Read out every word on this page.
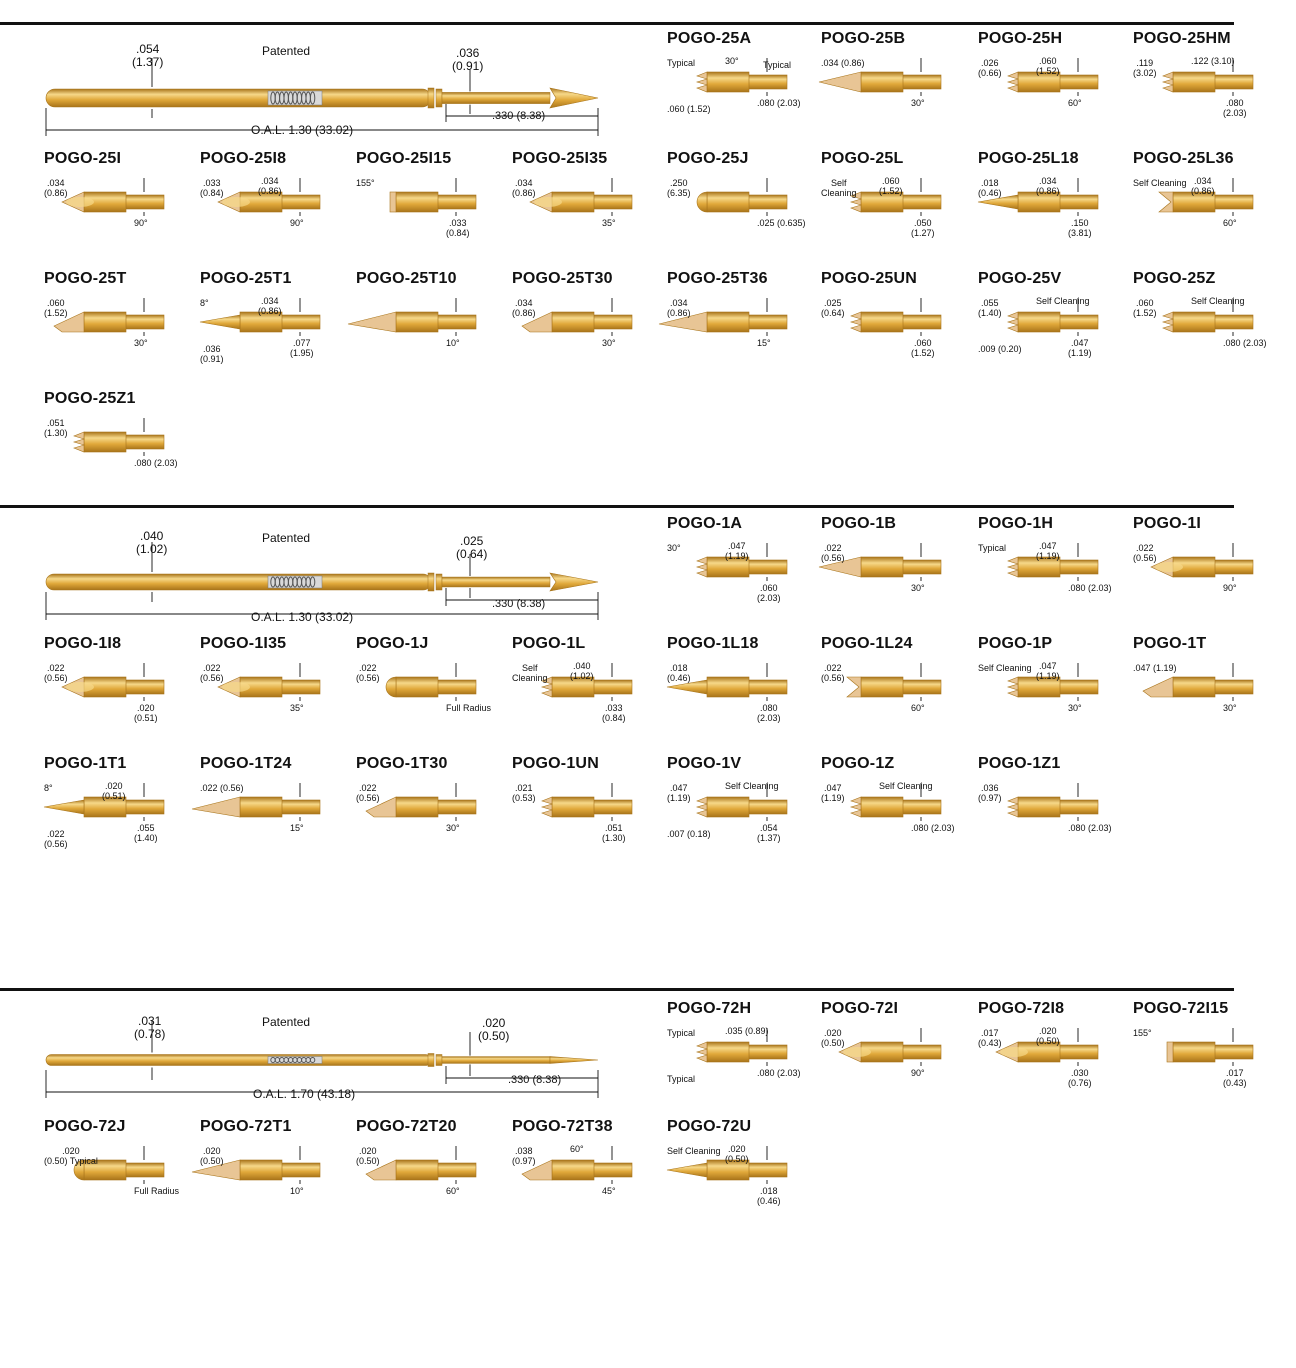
.054
(1.37)
Patented	.036
(0.91)
.330 (8.38)
O.A.L. 1.30 (33.02)
.040
(1.02)
Patented	.025
(0.64)
.330 (8.38)
O.A.L. 1.30 (33.02)
.031
(0.78)
Patented	.020
(0.50)
.330 (8.38)
O.A.L. 1.70 (43.18)
POGO-25A
.080 (2.03)
Typical	30°
.060 (1.52)
Typical
POGO-25B
30°
.034 (0.86)
POGO-25H
60°
.026
(0.66)
.060
(1.52)
POGO-25HM
.080
(2.03)
.119
(3.02)
.122 (3.10)
POGO-25I
90°
.034
(0.86)
POGO-25I8
90°
.033
(0.84)
.034
(0.86)
POGO-25I15
.033
(0.84)
155°
POGO-25I35
35°
.034
(0.86)
POGO-25J
.025 (0.635)
.250
(6.35)
POGO-25L
.050
(1.27)
Self
Cleaning
.060
(1.52)
POGO-25L18
.150
(3.81)
.018
(0.46)
.034
(0.86)
POGO-25L36
60°
Self Cleaning .034
(0.86)
POGO-25T
30°
.060
(1.52)
POGO-25T1
.077
(1.95)
8°	.034
(0.86)
.036
(0.91)
POGO-25T10
10°
POGO-25T30
30°
.034
(0.86)
POGO-25T36
15°
.034
(0.86)
POGO-25UN
.060
(1.52)
.025
(0.64)
POGO-25V
.047
(1.19)
.055
(1.40)
Self Cleaning
.009 (0.20)
POGO-25Z
.080 (2.03)
.060
(1.52)
Self Cleaning
POGO-25Z1
.080 (2.03)
.051
(1.30)
POGO-1A
.060
(2.03)
30°	.047
(1.19)
POGO-1B
30°
.022
(0.56)
POGO-1H
.080 (2.03)
Typical	.047
(1.19)
POGO-1I
90°
.022
(0.56)
POGO-1I8
.020
(0.51)
.022
(0.56)
POGO-1I35
35°
.022
(0.56)
POGO-1J
Full Radius
.022
(0.56)
POGO-1L
.033
(0.84)
Self
Cleaning
.040
(1.02)
POGO-1L18
.080
(2.03)
.018
(0.46)
POGO-1L24
60°
.022
(0.56)
POGO-1P
30°
Self Cleaning .047
(1.19)
POGO-1T
30°
.047 (1.19)
POGO-1T1
.055
(1.40)
8°	.020
(0.51)
.022
(0.56)
POGO-1T24
15°
.022 (0.56)
POGO-1T30
30°
.022
(0.56)
POGO-1UN
.051
(1.30)
.021
(0.53)
POGO-1V
.054
(1.37)
.047
(1.19)
Self Cleaning
.007 (0.18)
POGO-1Z
.080 (2.03)
.047
(1.19)
Self Cleaning
POGO-1Z1
.080 (2.03)
.036
(0.97)
POGO-72H
.080 (2.03)
Typical	.035 (0.89)
Typical
POGO-72I
90°
.020
(0.50)
POGO-72I8
.030
(0.76)
.017
(0.43)
.020
(0.50)
POGO-72I15
.017
(0.43)
155°
POGO-72J
Full Radius
.020
(0.50) Typical
POGO-72T1
10°
.020
(0.50)
POGO-72T20
60°
.020
(0.50)
POGO-72T38
45°
.038
(0.97)
60°
POGO-72U
.018
(0.46)
Self Cleaning .020
(0.50)
